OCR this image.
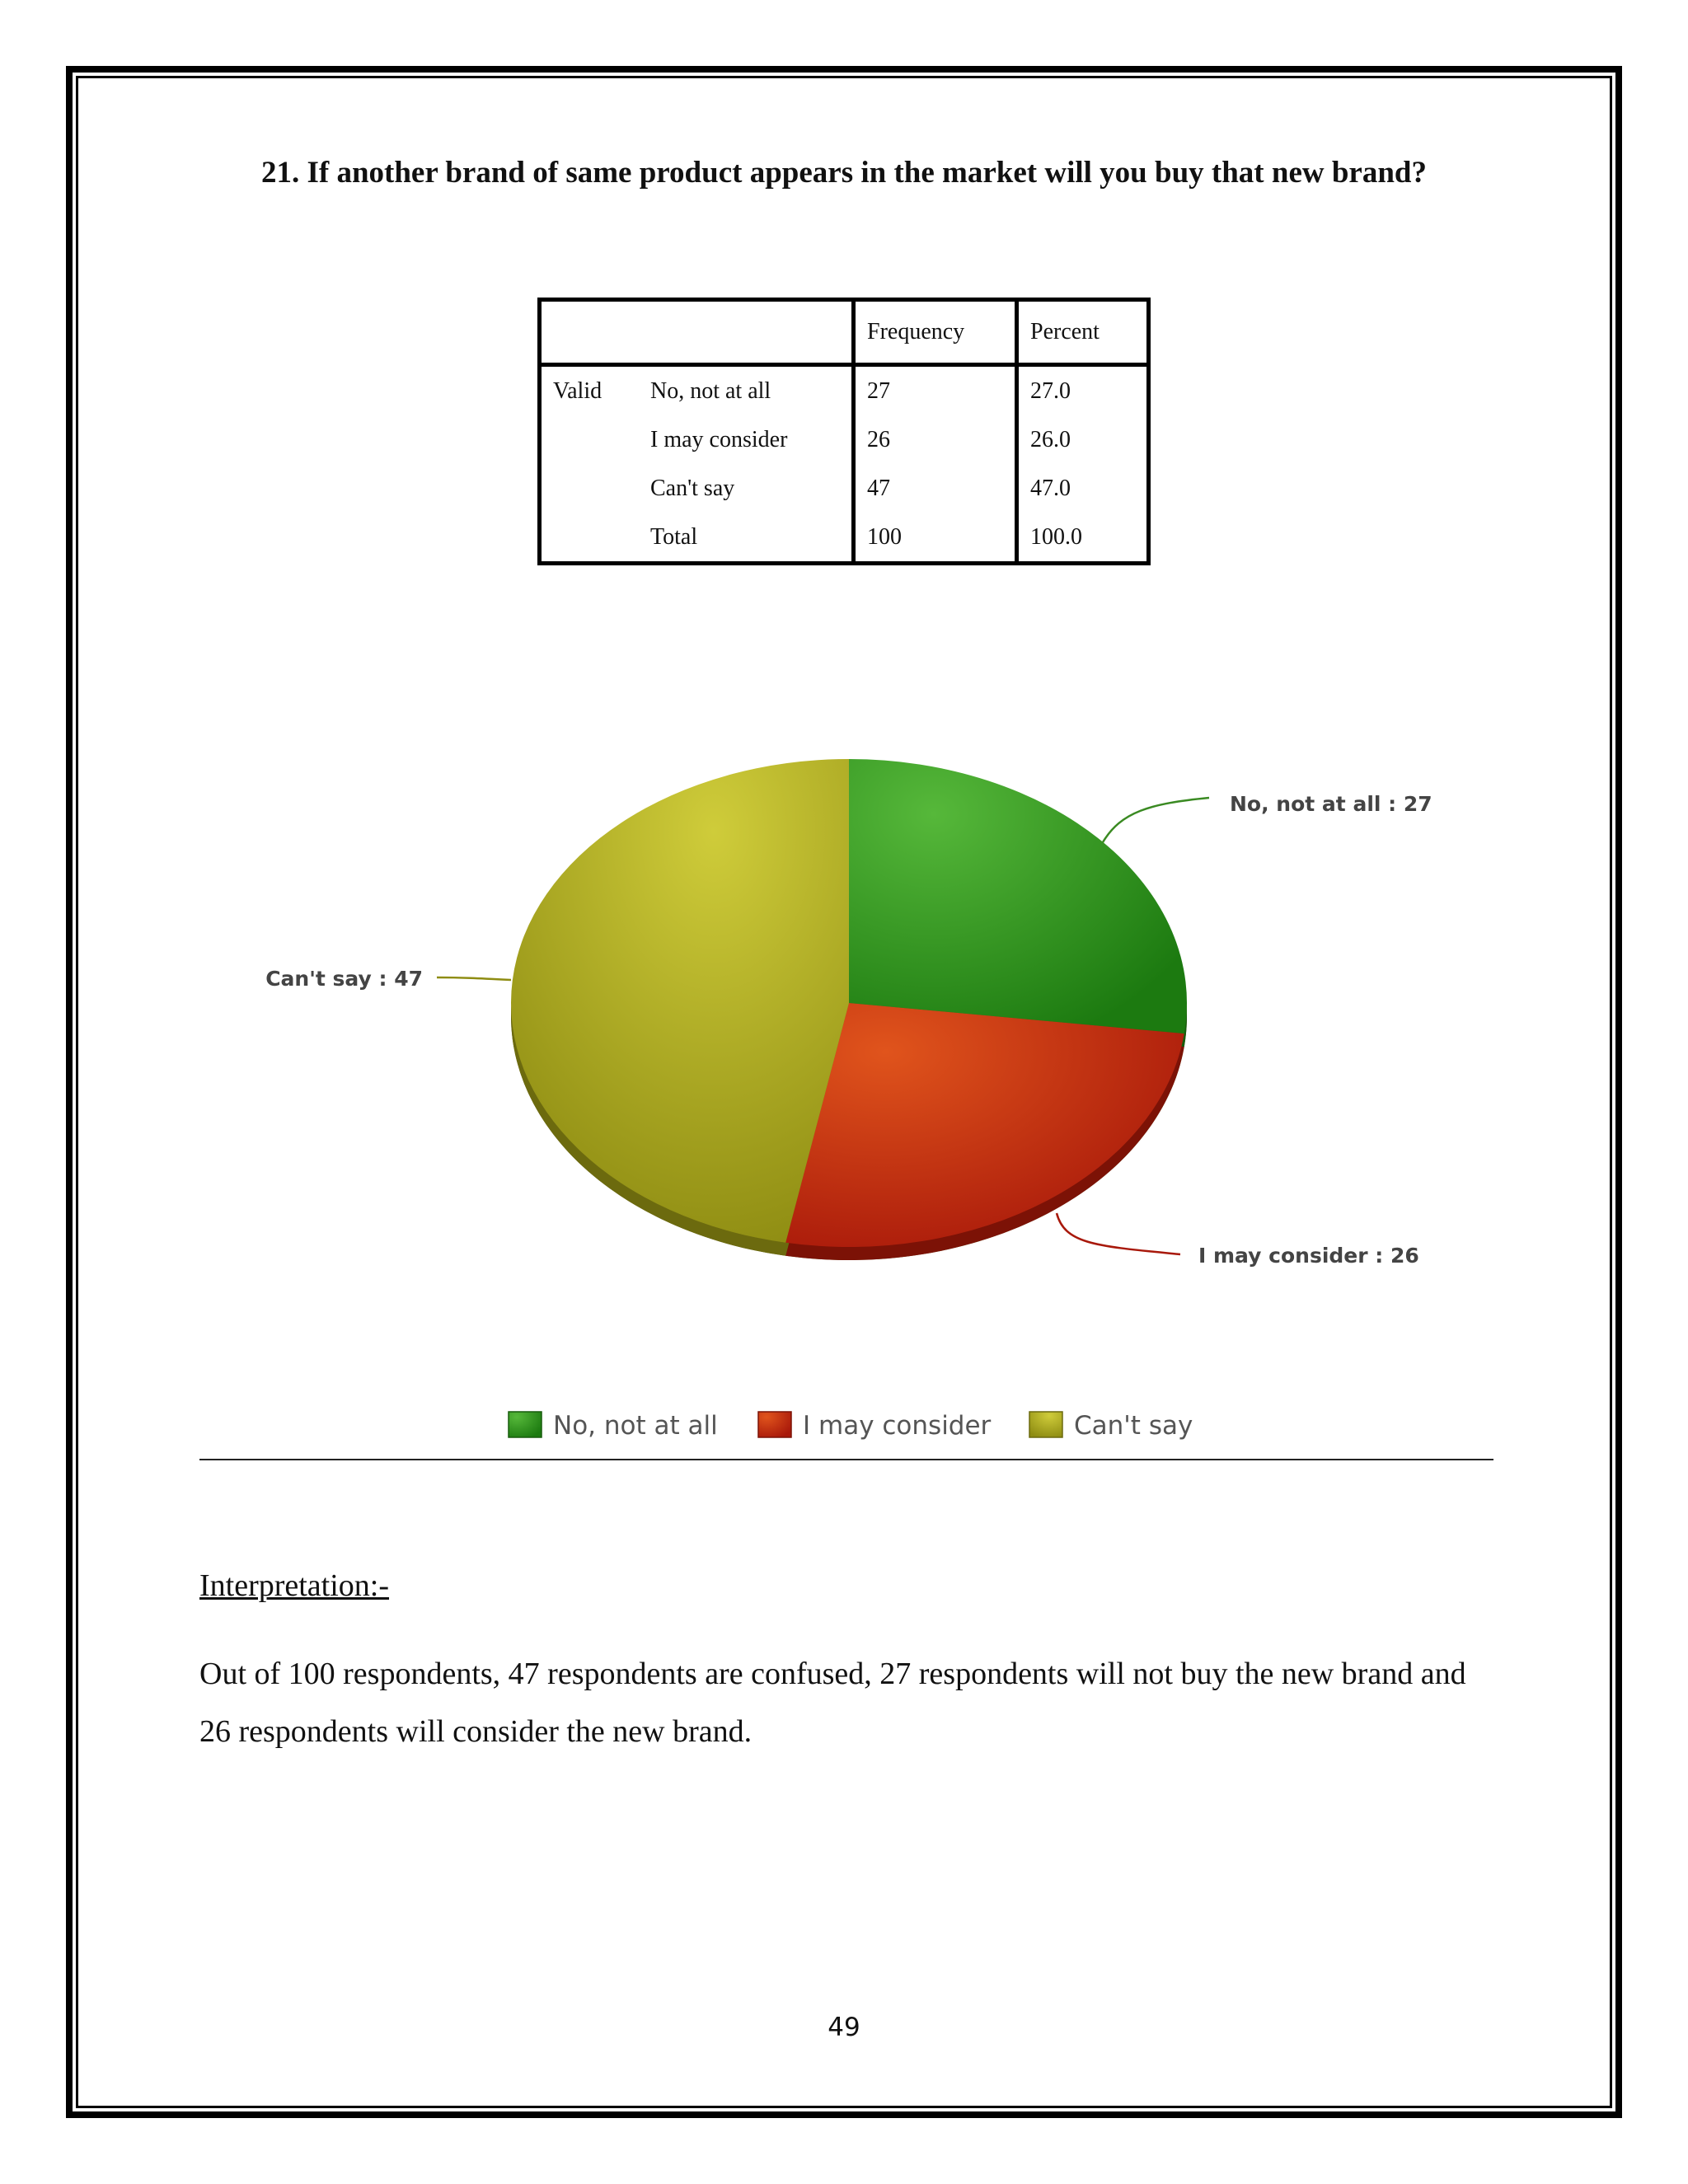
21. If another brand of same product appears in the market will you buy that new brand?
		Frequency	Percent
Valid	No, not at all	27	27.0
	I may consider	26	26.0
	Can't say	47	47.0
	Total	100	100.0
No, not at all : 27
I may consider : 26
Can't say : 47
No, not at all	I may consider	Can't say
Interpretation:-
Out of 100 respondents, 47 respondents are confused, 27 respondents will not buy the new brand and 26 respondents will consider the new brand.
49
